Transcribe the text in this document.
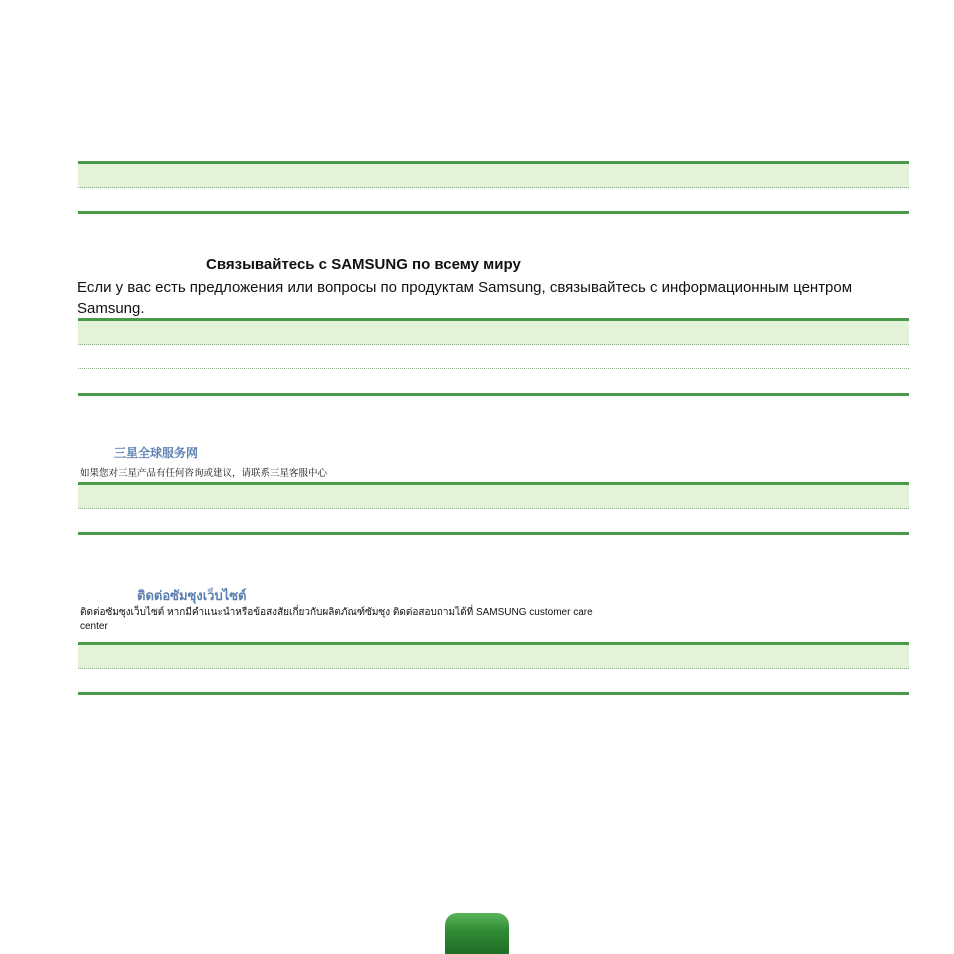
Связывайтесь с SAMSUNG по всему миру
Если у вас есть предложения или вопросы по продуктам Samsung, связывайтесь с информационным центром Samsung.
三星全球服务网
如果您对三星产品有任何咨询或建议，请联系三星客服中心
ติดต่อซัมซุงเว็บไซต์
ติดต่อซัมซุงเว็บไซต์ หากมีคำแนะนำหรือข้อสงสัยเกี่ยวกับผลิตภัณฑ์ซัมซุง ติดต่อสอบถามได้ที่ SAMSUNG customer care center
